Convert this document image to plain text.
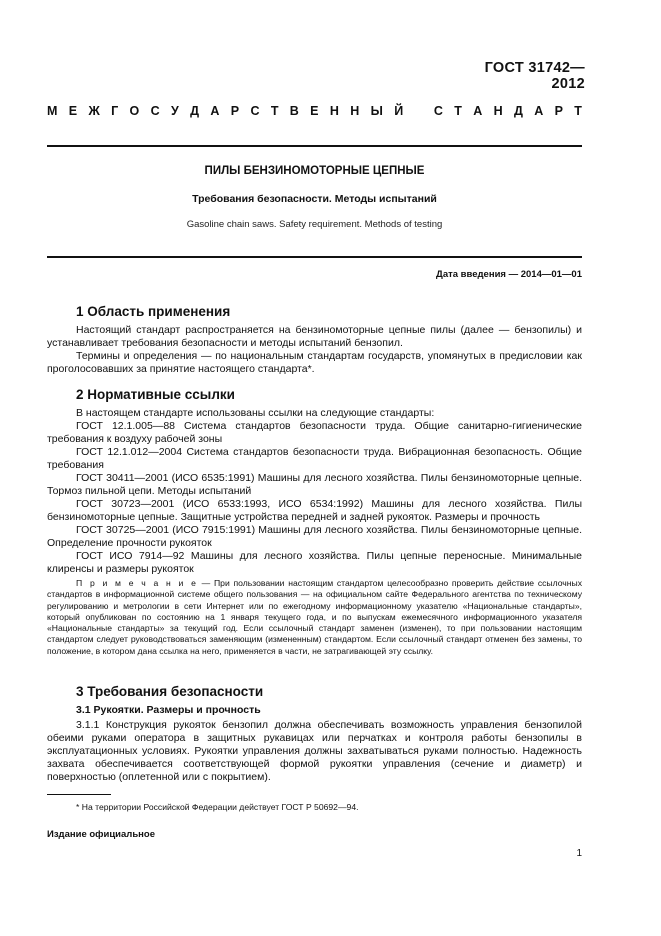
ГОСТ 31742—2012
М Е Ж Г О С У Д А Р С Т В Е Н Н Ы Й С Т А Н Д А Р Т
ПИЛЫ БЕНЗИНОМОТОРНЫЕ ЦЕПНЫЕ
Требования безопасности. Методы испытаний
Gasoline chain saws. Safety requirement. Methods of testing
Дата введения — 2014—01—01
1 Область применения

Настоящий стандарт распространяется на бензиномоторные цепные пилы (далее — бензопилы) и устанавливает требования безопасности и методы испытаний бензопил.

Термины и определения — по национальным стандартам государств, упомянутых в предисловии как проголосовавших за принятие настоящего стандарта*.

2 Нормативные ссылки

В настоящем стандарте использованы ссылки на следующие стандарты:

ГОСТ 12.1.005—88 Система стандартов безопасности труда. Общие санитарно-гигиенические требования к воздуху рабочей зоны

ГОСТ 12.1.012—2004 Система стандартов безопасности труда. Вибрационная безопасность. Общие требования

ГОСТ 30411—2001 (ИСО 6535:1991) Машины для лесного хозяйства. Пилы бензиномоторные цепные. Тормоз пильной цепи. Методы испытаний

ГОСТ 30723—2001 (ИСО 6533:1993, ИСО 6534:1992) Машины для лесного хозяйства. Пилы бензиномоторные цепные. Защитные устройства передней и задней рукояток. Размеры и прочность

ГОСТ 30725—2001 (ИСО 7915:1991) Машины для лесного хозяйства. Пилы бензиномоторные цепные. Определение прочности рукояток

ГОСТ ИСО 7914—92 Машины для лесного хозяйства. Пилы цепные переносные. Минимальные клиренсы и размеры рукояток

П р и м е ч а н и е — При пользовании настоящим стандартом целесообразно проверить действие ссылочных стандартов в информационной системе общего пользования — на официальном сайте Федерального агентства по техническому регулированию и метрологии в сети Интернет или по ежегодному информационному указателю «Национальные стандарты», который опубликован по состоянию на 1 января текущего года, и по выпускам ежемесячного информационного указателя «Национальные стандарты» за текущий год. Если ссылочный стандарт заменен (изменен), то при пользовании настоящим стандартом следует руководствоваться заменяющим (измененным) стандартом. Если ссылочный стандарт отменен без замены, то положение, в котором дана ссылка на него, применяется в части, не затрагивающей эту ссылку.

3 Требования безопасности
3.1 Рукоятки. Размеры и прочность

3.1.1 Конструкция рукояток бензопил должна обеспечивать возможность управления бензопилой обеими руками оператора в защитных рукавицах или перчатках и контроля работы бензопилы в эксплуатационных условиях. Рукоятки управления должны захватываться руками полностью. Надежность захвата обеспечивается соответствующей формой рукоятки управления (сечение и диаметр) и поверхностью (оплетенной или с покрытием).

* На территории Российской Федерации действует ГОСТ Р 50692—94.
Издание официальное
1
